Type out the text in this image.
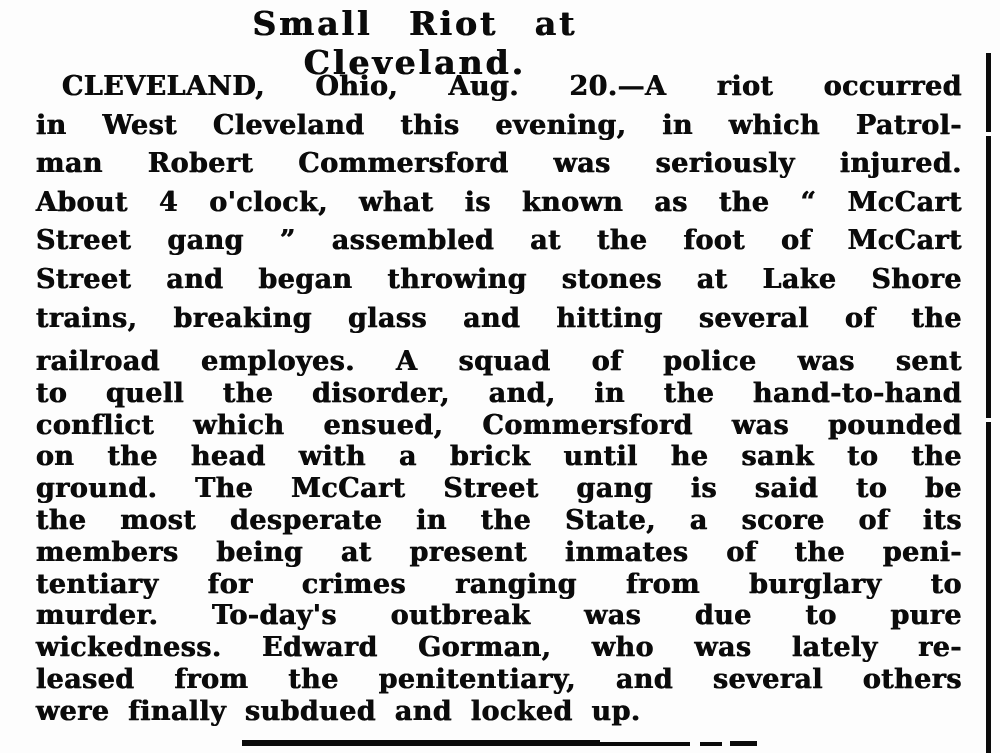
Small Riot at Cleveland.
CLEVELAND, Ohio, Aug. 20.—A riot occurred
in West Cleveland this evening, in which Patrol-
man Robert Commersford was seriously injured.
About 4 o'clock, what is known as the “ McCart
Street gang ” assembled at the foot of McCart
Street and began throwing stones at Lake Shore
trains, breaking glass and hitting several of the
railroad employes. A squad of police was sent
to quell the disorder, and, in the hand-to-hand
conflict which ensued, Commersford was pounded
on the head with a brick until he sank to the
ground. The McCart Street gang is said to be
the most desperate in the State, a score of its
members being at present inmates of the peni-
tentiary for crimes ranging from burglary to
murder. To-day's outbreak was due to pure
wickedness. Edward Gorman, who was lately re-
leased from the penitentiary, and several others
were finally subdued and locked up.
